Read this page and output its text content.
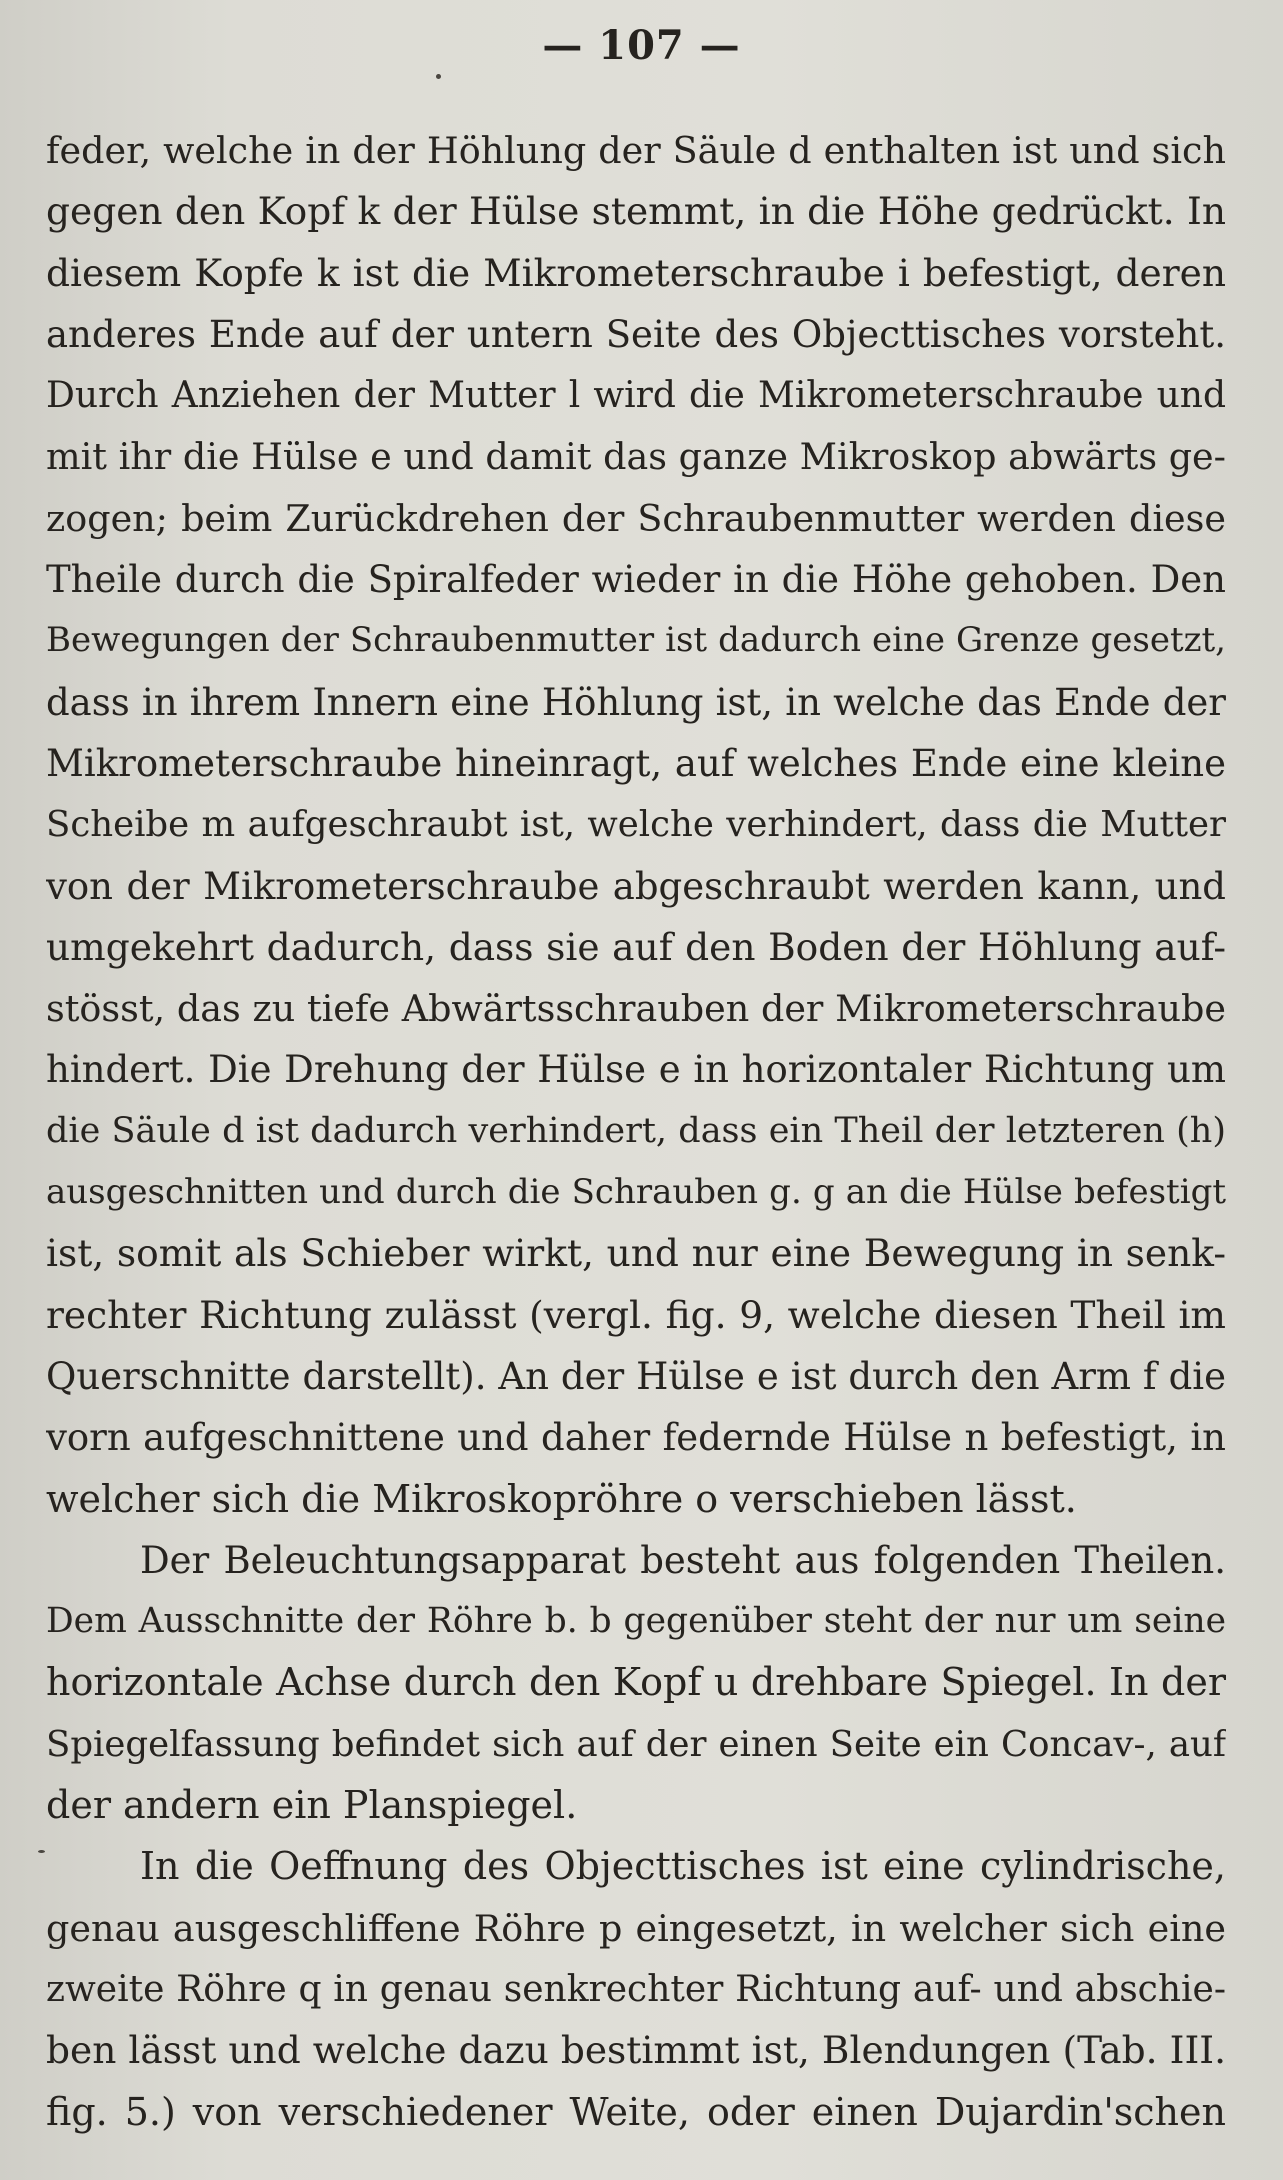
— 107 —
feder, welche in der Höhlung der Säule d enthalten ist und sich
gegen den Kopf k der Hülse stemmt, in die Höhe gedrückt. In
diesem Kopfe k ist die Mikrometerschraube i befestigt, deren
anderes Ende auf der untern Seite des Objecttisches vorsteht.
Durch Anziehen der Mutter l wird die Mikrometerschraube und
mit ihr die Hülse e und damit das ganze Mikroskop abwärts ge-
zogen; beim Zurückdrehen der Schraubenmutter werden diese
Theile durch die Spiralfeder wieder in die Höhe gehoben. Den
Bewegungen der Schraubenmutter ist dadurch eine Grenze gesetzt,
dass in ihrem Innern eine Höhlung ist, in welche das Ende der
Mikrometerschraube hineinragt, auf welches Ende eine kleine
Scheibe m aufgeschraubt ist, welche verhindert, dass die Mutter
von der Mikrometerschraube abgeschraubt werden kann, und
umgekehrt dadurch, dass sie auf den Boden der Höhlung auf-
stösst, das zu tiefe Abwärtsschrauben der Mikrometerschraube
hindert. Die Drehung der Hülse e in horizontaler Richtung um
die Säule d ist dadurch verhindert, dass ein Theil der letzteren (h)
ausgeschnitten und durch die Schrauben g. g an die Hülse befestigt
ist, somit als Schieber wirkt, und nur eine Bewegung in senk-
rechter Richtung zulässt (vergl. fig. 9, welche diesen Theil im
Querschnitte darstellt). An der Hülse e ist durch den Arm f die
vorn aufgeschnittene und daher federnde Hülse n befestigt, in
welcher sich die Mikroskopröhre o verschieben lässt.
Der Beleuchtungsapparat besteht aus folgenden Theilen.
Dem Ausschnitte der Röhre b. b gegenüber steht der nur um seine
horizontale Achse durch den Kopf u drehbare Spiegel. In der
Spiegelfassung befindet sich auf der einen Seite ein Concav-, auf
der andern ein Planspiegel.
In die Oeffnung des Objecttisches ist eine cylindrische,
genau ausgeschliffene Röhre p eingesetzt, in welcher sich eine
zweite Röhre q in genau senkrechter Richtung auf- und abschie-
ben lässt und welche dazu bestimmt ist, Blendungen (Tab. III.
fig. 5.) von verschiedener Weite, oder einen Dujardin'schen
